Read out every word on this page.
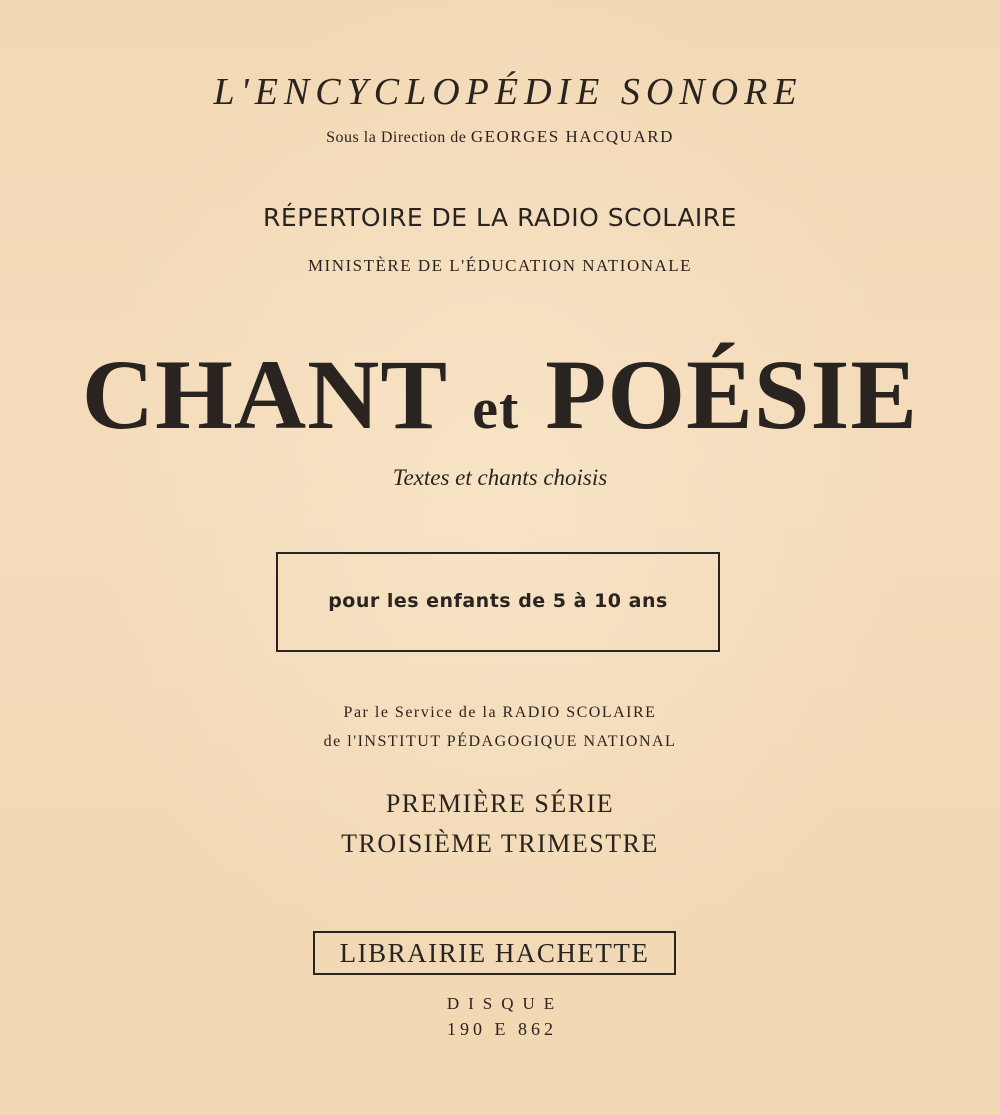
L'ENCYCLOPÉDIE SONORE
Sous la Direction de GEORGES HACQUARD
RÉPERTOIRE DE LA RADIO SCOLAIRE
MINISTÈRE DE L'ÉDUCATION NATIONALE
CHANT et POÉSIE
Textes et chants choisis
pour les enfants de 5 à 10 ans
Par le Service de la RADIO SCOLAIRE
de l'INSTITUT PÉDAGOGIQUE NATIONAL
PREMIÈRE SÉRIE
TROISIÈME TRIMESTRE
LIBRAIRIE HACHETTE
DISQUE
190 E 862
